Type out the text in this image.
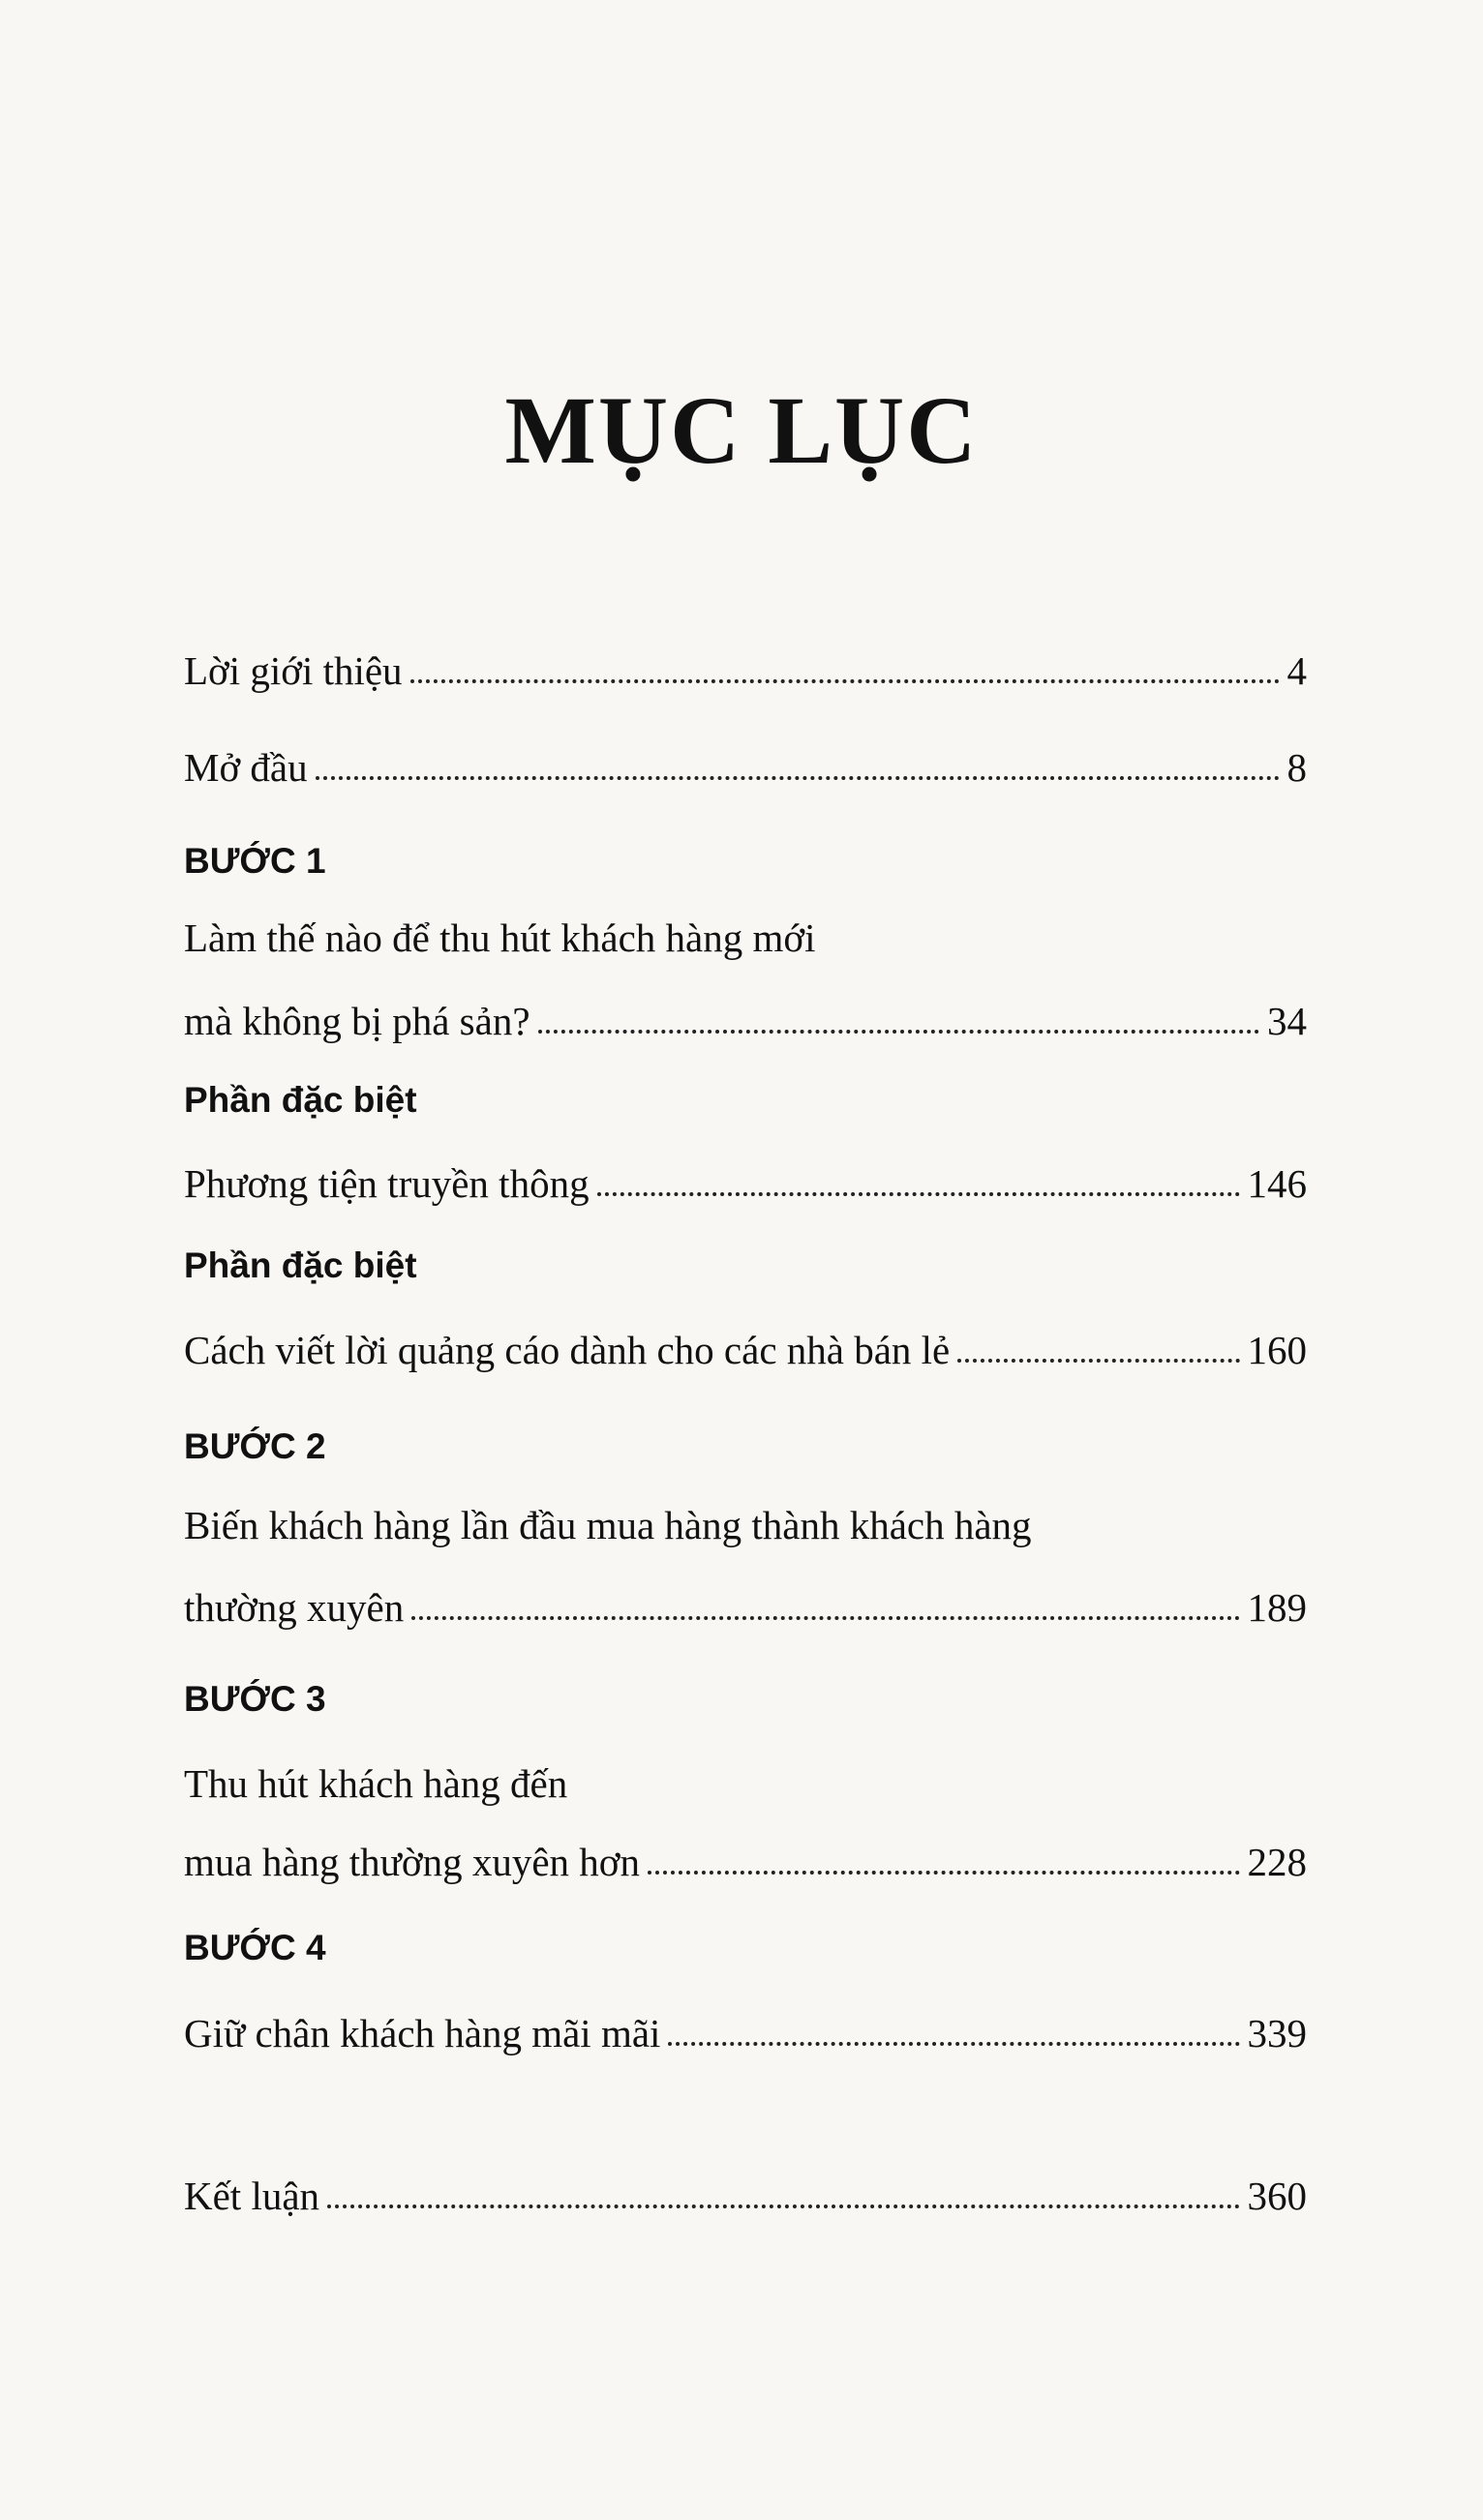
MỤC LỤC
Lời giới thiệu	4
Mở đầu	8
BƯỚC 1
Làm thế nào để thu hút khách hàng mới
mà không bị phá sản?	34
Phần đặc biệt
Phương tiện truyền thông	146
Phần đặc biệt
Cách viết lời quảng cáo dành cho các nhà bán lẻ	160
BƯỚC 2
Biến khách hàng lần đầu mua hàng thành khách hàng
thường xuyên	189
BƯỚC 3
Thu hút khách hàng đến
mua hàng thường xuyên hơn	228
BƯỚC 4
Giữ chân khách hàng mãi mãi	339
Kết luận	360
